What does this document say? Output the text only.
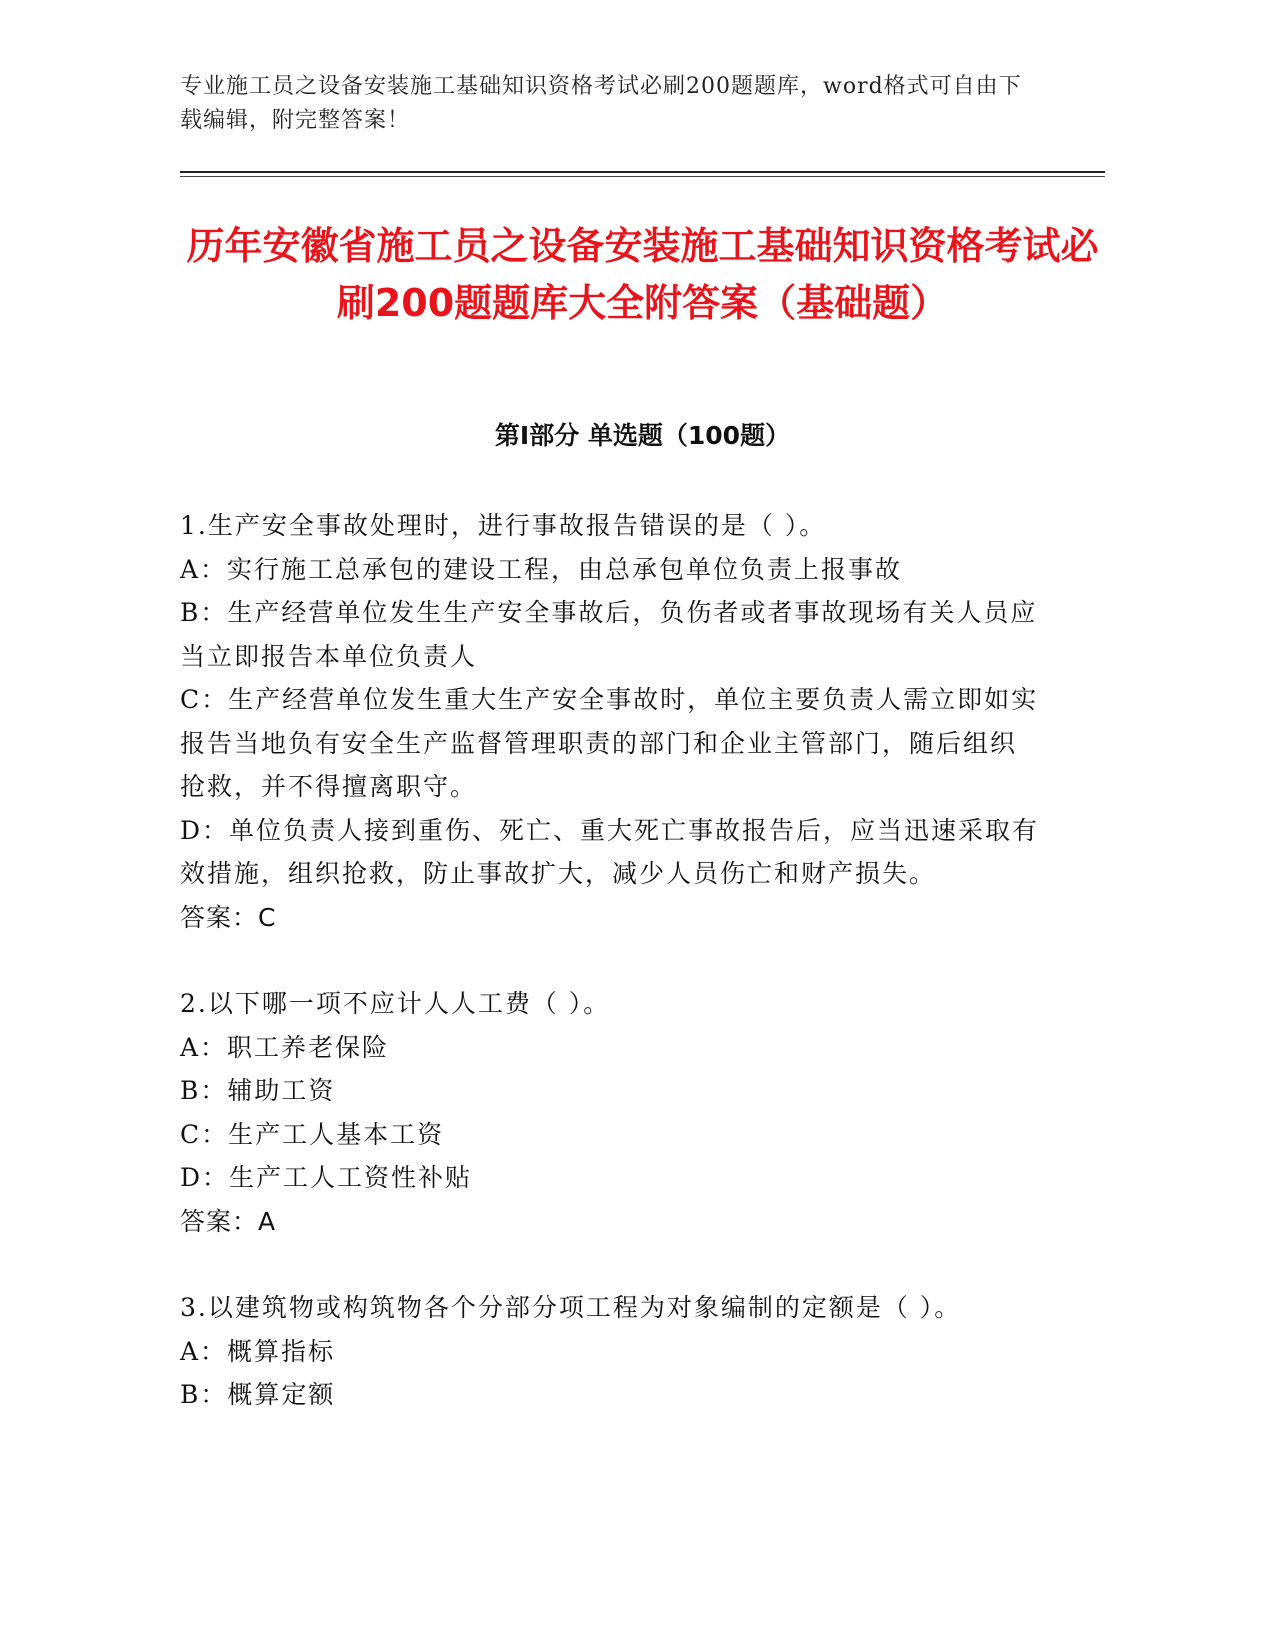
专业施工员之设备安装施工基础知识资格考试必刷200题题库，word格式可自由下载编辑，附完整答案！
历年安徽省施工员之设备安装施工基础知识资格考试必刷200题题库大全附答案（基础题）
第I部分 单选题（100题）

1.生产安全事故处理时，进行事故报告错误的是（ ）。

A：实行施工总承包的建设工程，由总承包单位负责上报事故

B：生产经营单位发生生产安全事故后，负伤者或者事故现场有关人员应当立即报告本单位负责人

C：生产经营单位发生重大生产安全事故时，单位主要负责人需立即如实报告当地负有安全生产监督管理职责的部门和企业主管部门，随后组织抢救，并不得擅离职守。

D：单位负责人接到重伤、死亡、重大死亡事故报告后，应当迅速采取有效措施，组织抢救，防止事故扩大，减少人员伤亡和财产损失。

答案：C

2.以下哪一项不应计人人工费（ ）。

A：职工养老保险

B：辅助工资

C：生产工人基本工资

D：生产工人工资性补贴

答案：A

3.以建筑物或构筑物各个分部分项工程为对象编制的定额是（ ）。

A：概算指标

B：概算定额
